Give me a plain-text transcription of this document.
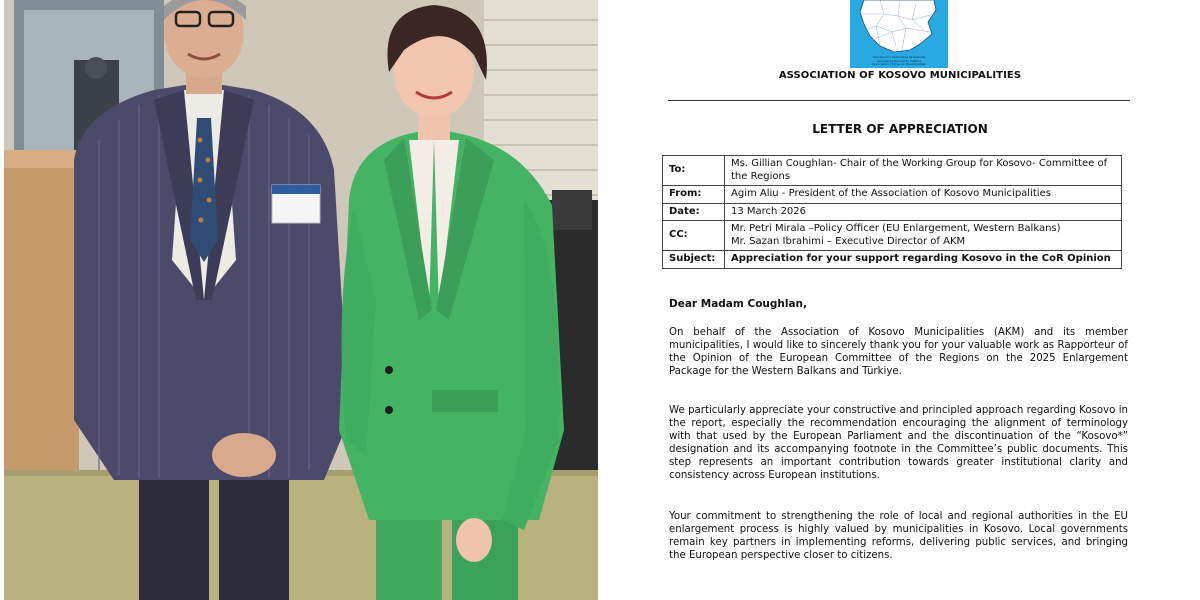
Asociacioni i Komunave të Kosovës
Asocijacija Kosovskih Opština
Association of Kosovo Municipalities
ASSOCIATION OF KOSOVO MUNICIPALITIES
LETTER OF APPRECIATION
To:	Ms. Gillian Coughlan- Chair of the Working Group for Kosovo- Committee of the Regions
From:	Agim Aliu - President of the Association of Kosovo Municipalities
Date:	13 March 2026
CC:	Mr. Petri Mirala –Policy Officer (EU Enlargement, Western Balkans)
Mr. Sazan Ibrahimi – Executive Director of AKM

Subject:	Appreciation for your support regarding Kosovo in the CoR Opinion
Dear Madam Coughlan,
On behalf of the Association of Kosovo Municipalities (AKM) and its member municipalities, I would like to sincerely thank you for your valuable work as Rapporteur of the Opinion of the European Committee of the Regions on the 2025 Enlargement Package for the Western Balkans and Türkiye.
We particularly appreciate your constructive and principled approach regarding Kosovo in the report, especially the recommendation encouraging the alignment of terminology with that used by the European Parliament and the discontinuation of the “Kosovo*” designation and its accompanying footnote in the Committee’s public documents. This step represents an important contribution towards greater institutional clarity and consistency across European institutions.
Your commitment to strengthening the role of local and regional authorities in the EU enlargement process is highly valued by municipalities in Kosovo. Local governments remain key partners in implementing reforms, delivering public services, and bringing the European perspective closer to citizens.
